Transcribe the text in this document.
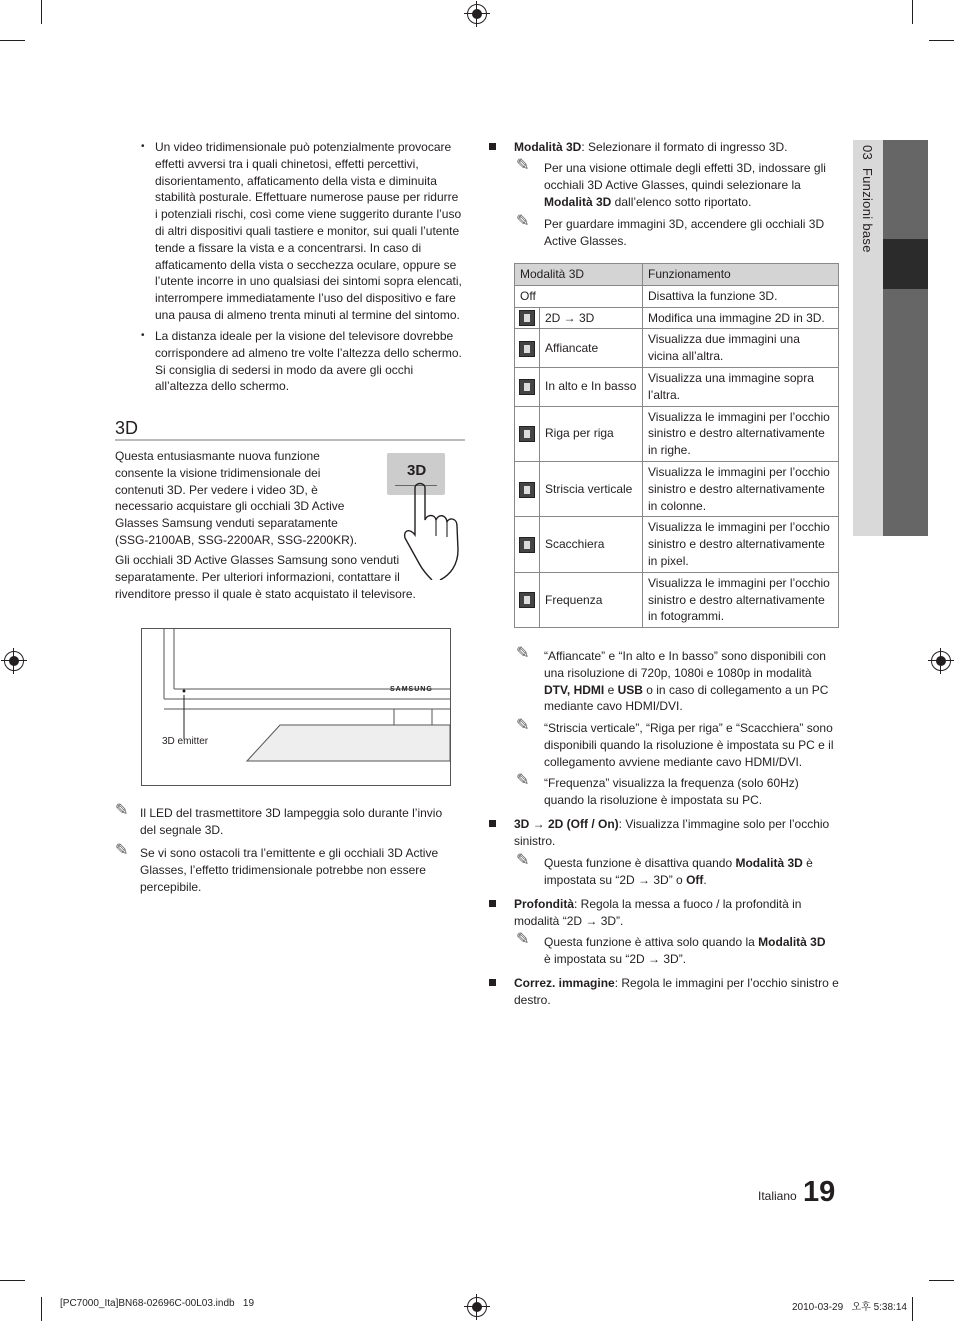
03  Funzioni base
• Un video tridimensionale può potenzialmente provocare effetti avversi tra i quali chinetosi, effetti percettivi, disorientamento, affaticamento della vista e diminuita stabilità posturale. Effettuare numerose pause per ridurre i potenziali rischi, così come viene suggerito durante l’uso di altri dispositivi quali tastiere e monitor, sui quali l’utente tende a fissare la vista e a concentrarsi. In caso di affaticamento della vista o secchezza oculare, oppure se l’utente incorre in uno qualsiasi dei sintomi sopra elencati, interrompere immediatamente l’uso del dispositivo e fare una pausa di almeno trenta minuti al termine del sintomo.

• La distanza ideale per la visione del televisore dovrebbe corrispondere ad almeno tre volte l’altezza dello schermo. Si consiglia di sedersi in modo da avere gli occhi all’altezza dello schermo.

3D
Questa entusiasmante nuova funzione consente la visione tridimensionale dei contenuti 3D. Per vedere i video 3D, è necessario acquistare gli occhiali 3D Active Glasses Samsung venduti separatamente (SSG-2100AB, SSG-2200AR, SSG-2200KR).

Gli occhiali 3D Active Glasses Samsung sono venduti separatamente. Per ulteriori informazioni, contattare il rivenditore presso il quale è stato acquistato il televisore.

3D
SAMSUNG
3D emitter
✎ Il LED del trasmettitore 3D lampeggia solo durante l’invio del segnale 3D.

✎ Se vi sono ostacoli tra l’emittente e gli occhiali 3D Active Glasses, l’effetto tridimensionale potrebbe non essere percepibile.

Modalità 3D: Selezionare il formato di ingresso 3D.
✎ Per una visione ottimale degli effetti 3D, indossare gli occhiali 3D Active Glasses, quindi selezionare la Modalità 3D dall’elenco sotto riportato.
✎ Per guardare immagini 3D, accendere gli occhiali 3D Active Glasses.
Modalità 3D		Funzionamento
Off		Disattiva la funzione 3D.
	2D → 3D	Modifica una immagine 2D in 3D.
	Affiancate	Visualizza due immagini una vicina all’altra.
	In alto e In basso	Visualizza una immagine sopra l’altra.
	Riga per riga	Visualizza le immagini per l’occhio sinistro e destro alternativamente in righe.
	Striscia verticale	Visualizza le immagini per l’occhio sinistro e destro alternativamente in colonne.
	Scacchiera	Visualizza le immagini per l’occhio sinistro e destro alternativamente in pixel.
	Frequenza	Visualizza le immagini per l’occhio sinistro e destro alternativamente in fotogrammi.
✎ “Affiancate” e “In alto e In basso” sono disponibili con una risoluzione di 720p, 1080i e 1080p in modalità DTV, HDMI e USB o in caso di collegamento a un PC mediante cavo HDMI/DVI.
✎ “Striscia verticale”, “Riga per riga” e “Scacchiera” sono disponibili quando la risoluzione è impostata su PC e il collegamento avviene mediante cavo HDMI/DVI.
✎ “Frequenza” visualizza la frequenza (solo 60Hz) quando la risoluzione è impostata su PC.
3D → 2D (Off / On): Visualizza l’immagine solo per l’occhio sinistro.
✎ Questa funzione è disattiva quando Modalità 3D è impostata su “2D → 3D” o Off.
Profondità: Regola la messa a fuoco / la profondità in modalità “2D → 3D”.
✎ Questa funzione è attiva solo quando la Modalità 3D è impostata su “2D → 3D”.
Correz. immagine: Regola le immagini per l’occhio sinistro e destro.
Italiano 19
[PC7000_Ita]BN68-02696C-00L03.indb   19	2010-03-29   오후 5:38:14
